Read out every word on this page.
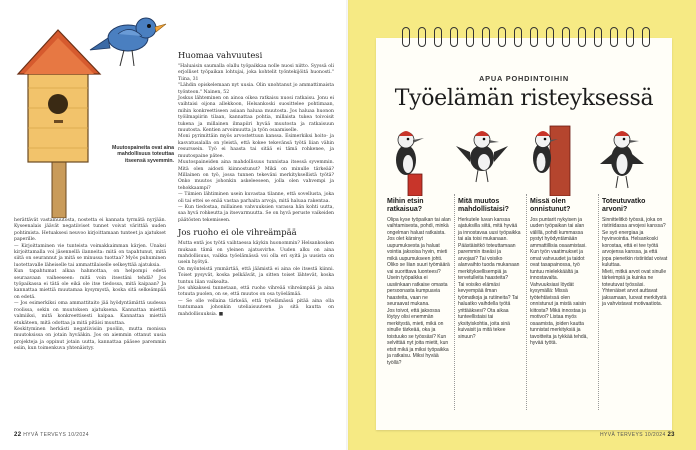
Muutospaineita ovat aina mahdollisuus toteuttaa itseensä syvemmin.

herättävät vastamuutosta, nostetta ei kannata tyrmätä nyrjään. Kyseenalais jäävät negatiiviset tunnet voivat värittää uuden pohtimista. Hetuaksesi neuvoo kirjoittamaan tunteet ja ajatukset paperille.

— Kirjoittaminen vie tunteista voimakkaimman kärjen. Unaksi kirjoittamalla voi jäsennellä ilanneita: mitä on tapahtunut, mitä siitä on seurannut ja mitä se minussa tuottaa? Myös puhuminen luotettavalle läheiselle tai ammattilaiselle selkeyttää ajatuksia.

Kun tapahtumat alkaa hahmottaa, on helpompi edetä seuraavaan vaiheeseen: mitä voin itsestäni tehdä? Jos työpaikassa ei tätä ole eikä ole itse tiedossa, mitä kaipaan? Ja kannattaa miettiä muutamaa kysymystä, koska sitä selkeämpää on edetä.

— Jos esimerkiksi oma ammattitaito jää hyödyntämättä uudessa roolissa, sekin on muutoksen ajatuksena. Kannattaa miettiä valmiiksi, mitä konkreettisesti kaipaa. Kannattaa miettiä etukäteen, mitä odottaa ja mitä pitäisi muuttaa.

Keskityminen herkästi negatiivisiin puoliin, mutta monissa muutoksissa on jotain hyvääkin. Jos on aiemmin ottanut uusia projekteja ja oppinut jotain uutta, kannattaa pääsee paremmin esiin, kun toimenkuva yhtenäistyy.

Huomaa vahvuutesi

"Haluaisin saumalla olallu työpaikkaa nolle nuosi niitto. Syyssä oli erjolliset työpaikan lohtujai, joka kohtelit työntekijöitä huonosti." Tiina, 31

"Lähdin opiskelemaan nyt uusia. Olin unohtanut jo ammattimaista työnteon." Nainen, 52

Joskus lähteminen on ainoa oikea ratkaisu nuosi ratkaisu. Jonu ei vaihtaisi oijona allekkoon, Helsankoski suosittelee pohtimaan, mihin konkreettiseen asiaan haluaa muutosta. Jos haluaa huonon työilmapiirin tilaan, kannattaa pohtia, millaista tukea toivoisit tukena ja millainen ilmapiiri hyvää muutosta ja ratkaisuun muutosta. Kentien arvoimuutta ja työn osaamiselle.

Moni pyrimittäin myös arvostettuun kanssa. Esimerkiksi hoito- ja kasvatusalalla on yleistä, että kokee tekevänsä työtä liian vähin resurssein. Työ ei haasta tai sitää ei tämä rohkenee, ja muutospaine pätee.

Muutospaineiden aina mahdollisuus tunnistaa itsessä syvemmin. Mitä olen aidosti kiinnostunut? Mikä on minulle tärkeää? Millainen on työ, jossa tunnen tekeväni merkityksellistä työtä? Onko muutos johonkin askeleeseen, jolla olen vahvempi ja tehokkaampi?

— Tiimien lähtiminen usein kuvastaa tilanne, että sovellusta, joka oli tai ettei se enää vastaa parhaita arvoja, mitä haluaa rakentaa.

— Kun tiedostaa, millainen vahvuuksien varassa hän kohti uutta, saa hyvä rohkeutta ja itsevarmuutta. Se on hyvä peruste vaikeiden päätösten tekemiseen.

Jos ruoho ei ole vihreämpää

Mutta entä jos työtä vaihtaessa käykin huonommin? Helsankosken mukaan tämä on yleinen ajatusvirhe. Uuden alku on aina mahdollisuus, vaikka työelämässä voi olla eri syitä ja uusista on usein hyötyä.

On myönteistä ymmärtää, että jäämistä ei aina ole itsestä kiinni. Toiset pysyvät, koska pelkäävät, ja sitten toiset lähtevät, koska tuntuu liian vaikealta.

Jos uhkaksesi tunnetaan, että ruoho vihreää vihreämpää ja aina totuuta puolen, on se, että muutos on osa työelämää.

— Se olle vellaina tärkeää, että työelämässä pitää aina olla tuntumaan johonkin uteliaisuuteen ja sitä kautta on mahdollisuuksia. ■

22 HYVÄ TERVEYS 10/2024
APUA POHDINTOIHIN
Työelämän risteyksessä
Mihin etsin ratkaisua?

Olipa kyse työpaikan tai alan vaihtamisesta, pohdi, minkä ongelman haluat ratkaista. Jos olet kärsinyt uupumuksesta ja haluat vointia jaksoisa hyvin, mieti mikä uupumukseen johti. Oliko se liian suuri työmäärä vai suorittava luonteesi? Usein työpaikka ei uusiinkaan ratkaise omasta persoonasta kumpuavia haasteita, vaan ne seuraavat mukana.

Jos toivot, että jaksossa löytyy olisi enemmän merkitystä, mieti, mikä on sinulle tärkeää, oka ja toistuuko se työssäsi? Kun selvittää nyt joita mietit, kun etsit mikä ja miksi työpaikka ja ratkaisu. Miksi hyvää työllä?

Mitä muutos mahdollistaisi?

Herkutele luvan kanssa ajatuksilla siitä, mitä hyvää ja innostavaa uusi työpaikka tai ala toisi mukanaan. Päästäisitkö toteuttamaan paremmin itseäsi ja arvojasi? Tai voisiko alanvaihto tuoda mukanaan merkityksellisempiä ja tervetulleita haasteita?

Tai voisiko elämäsi kevyempää ilman työmatkoja ja rutiineita? Tai haluatko vaihdella työtä yrittääksesi? Ota aikaa tunteellistaisi tai yksityiskohtia, joita sinä kuivaisit ja mitä tekee sinuun?

Missä olen onnistunut?

Jos puntarit nykyisen ja uuden työpaikan tai alan välillä, pohdi kummassa pystyt hyödyntämään ammattillisia osaamistasi. Kun työn vaatimukset ja omat vahvuudet ja taidot ovat tasapainossa, työ tuntuu mielekkäältä ja innostavalta.

Vahvuuksiasi löydät kysymällä: Missä työtehtävissä olen onnistunut ja mistä saisin kiitosta? Mikä innostaa ja motivoi? Listaa myös osaamista, joiden kautta tunnistat merkityksiä ja tavoitteita ja tykkää tehdä, hyvää työtä.

Toteutuvatko arvoni?

Sinnittelitkö työssä, joka on ristiriidassa arvojesi kanssa? Se syö energiaa ja hyvinvointia. Helsankoski korostaa, että ei tee työtä arvojensa kanssa, ja että jopa pienetkin ristiriidat voivat kuluttaa.

Mieti, mitkä arvot ovat sinulle tärkeimpiä ja kuinka ne toteutuvat työssäsi. Yhtenäiset arvot auttavat jaksamaan, luovat merkitystä ja vahvistavat motivaatiota.

HYVÄ TERVEYS 10/2024 23
